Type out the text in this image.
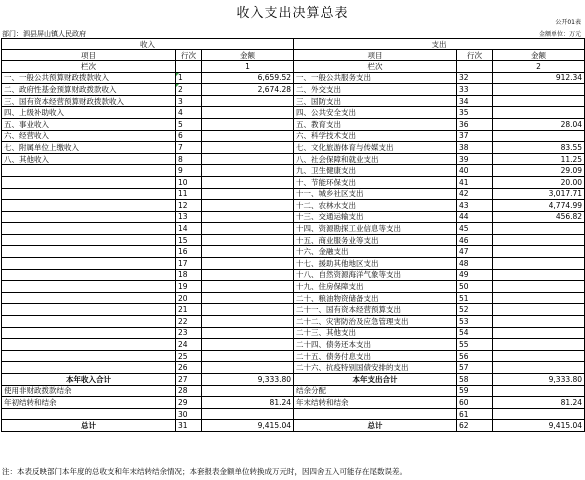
收入支出决算总表
公开01表
部门：泗县屏山镇人民政府	金额单位：万元
收入			支出		
项目	行次	金额	项目	行次	金额
栏次		1	栏次		2
一、一般公共预算财政拨款收入	1	6,659.52	一、一般公共服务支出	32	912.34
二、政府性基金预算财政拨款收入	2	2,674.28	二、外交支出	33	
三、国有资本经营预算财政拨款收入	3		三、国防支出	34	
四、上级补助收入	4		四、公共安全支出	35	
五、事业收入	5		五、教育支出	36	28.04
六、经营收入	6		六、科学技术支出	37	
七、附属单位上缴收入	7		七、文化旅游体育与传媒支出	38	83.55
八、其他收入	8		八、社会保障和就业支出	39	11.25
	9		九、卫生健康支出	40	29.09
	10		十、节能环保支出	41	20.00
	11		十一、城乡社区支出	42	3,017.71
	12		十二、农林水支出	43	4,774.99
	13		十三、交通运输支出	44	456.82
	14		十四、资源勘探工业信息等支出	45	
	15		十五、商业服务业等支出	46	
	16		十六、金融支出	47	
	17		十七、援助其他地区支出	48	
	18		十八、自然资源海洋气象等支出	49	
	19		十九、住房保障支出	50	
	20		二十、粮油物资储备支出	51	
	21		二十一、国有资本经营预算支出	52	
	22		二十二、灾害防治及应急管理支出	53	
	23		二十三、其他支出	54	
	24		二十四、债务还本支出	55	
	25		二十五、债务付息支出	56	
	26		二十六、抗疫特别国债安排的支出	57	
本年收入合计	27	9,333.80	本年支出合计	58	9,333.80
使用非财政拨款结余	28		结余分配	59	
年初结转和结余	29	81.24	年末结转和结余	60	81.24
	30			61	
总计	31	9,415.04	总计	62	9,415.04
注：本表反映部门本年度的总收支和年末结转结余情况；本套报表金额单位转换成万元时，因四舍五入可能存在尾数误差。
